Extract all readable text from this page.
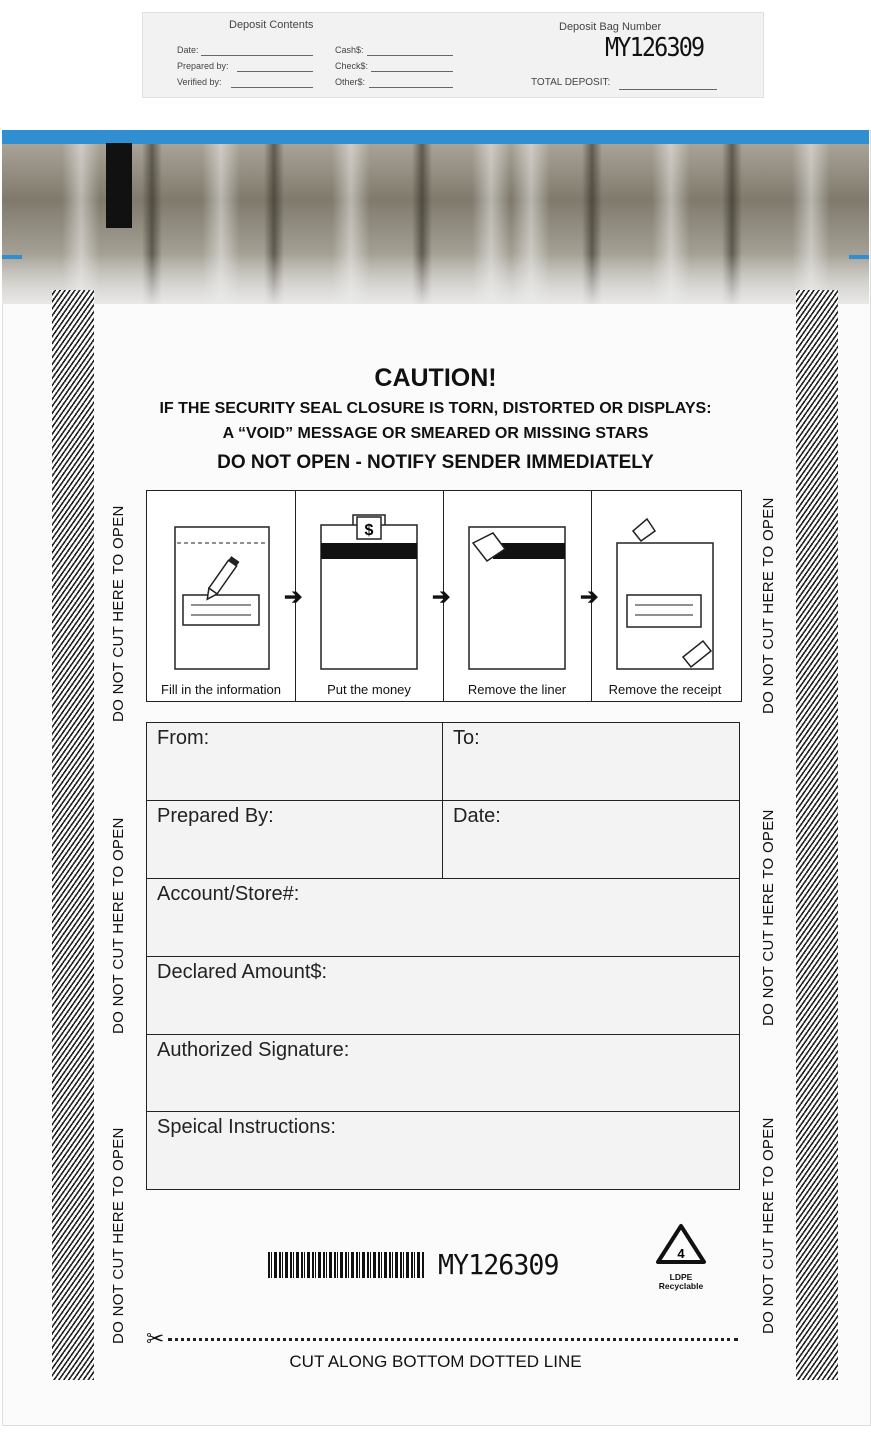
Deposit Contents	Deposit Bag Number
Date:
Prepared by:
Verified by:
Cash$:
Check$:
Other$:
MY126309
TOTAL DEPOSIT:
DO NOT CUT HERE TO OPEN
DO NOT CUT HERE TO OPEN
DO NOT CUT HERE TO OPEN
DO NOT CUT HERE TO OPEN
DO NOT CUT HERE TO OPEN
DO NOT CUT HERE TO OPEN
CAUTION!
IF THE SECURITY SEAL CLOSURE IS TORN, DISTORTED OR DISPLAYS:
A “VOID” MESSAGE OR SMEARED OR MISSING STARS
DO NOT OPEN - NOTIFY SENDER IMMEDIATELY
Fill in the information
$
Put the money	Remove the liner	Remove the receipt
➔	➔	➔
From:	To:
Prepared By:	Date:
Account/Store#:
Declared Amount$:
Authorized Signature:
Speical Instructions:
MY126309	4
LDPE
Recyclable
✂
CUT ALONG BOTTOM DOTTED LINE
